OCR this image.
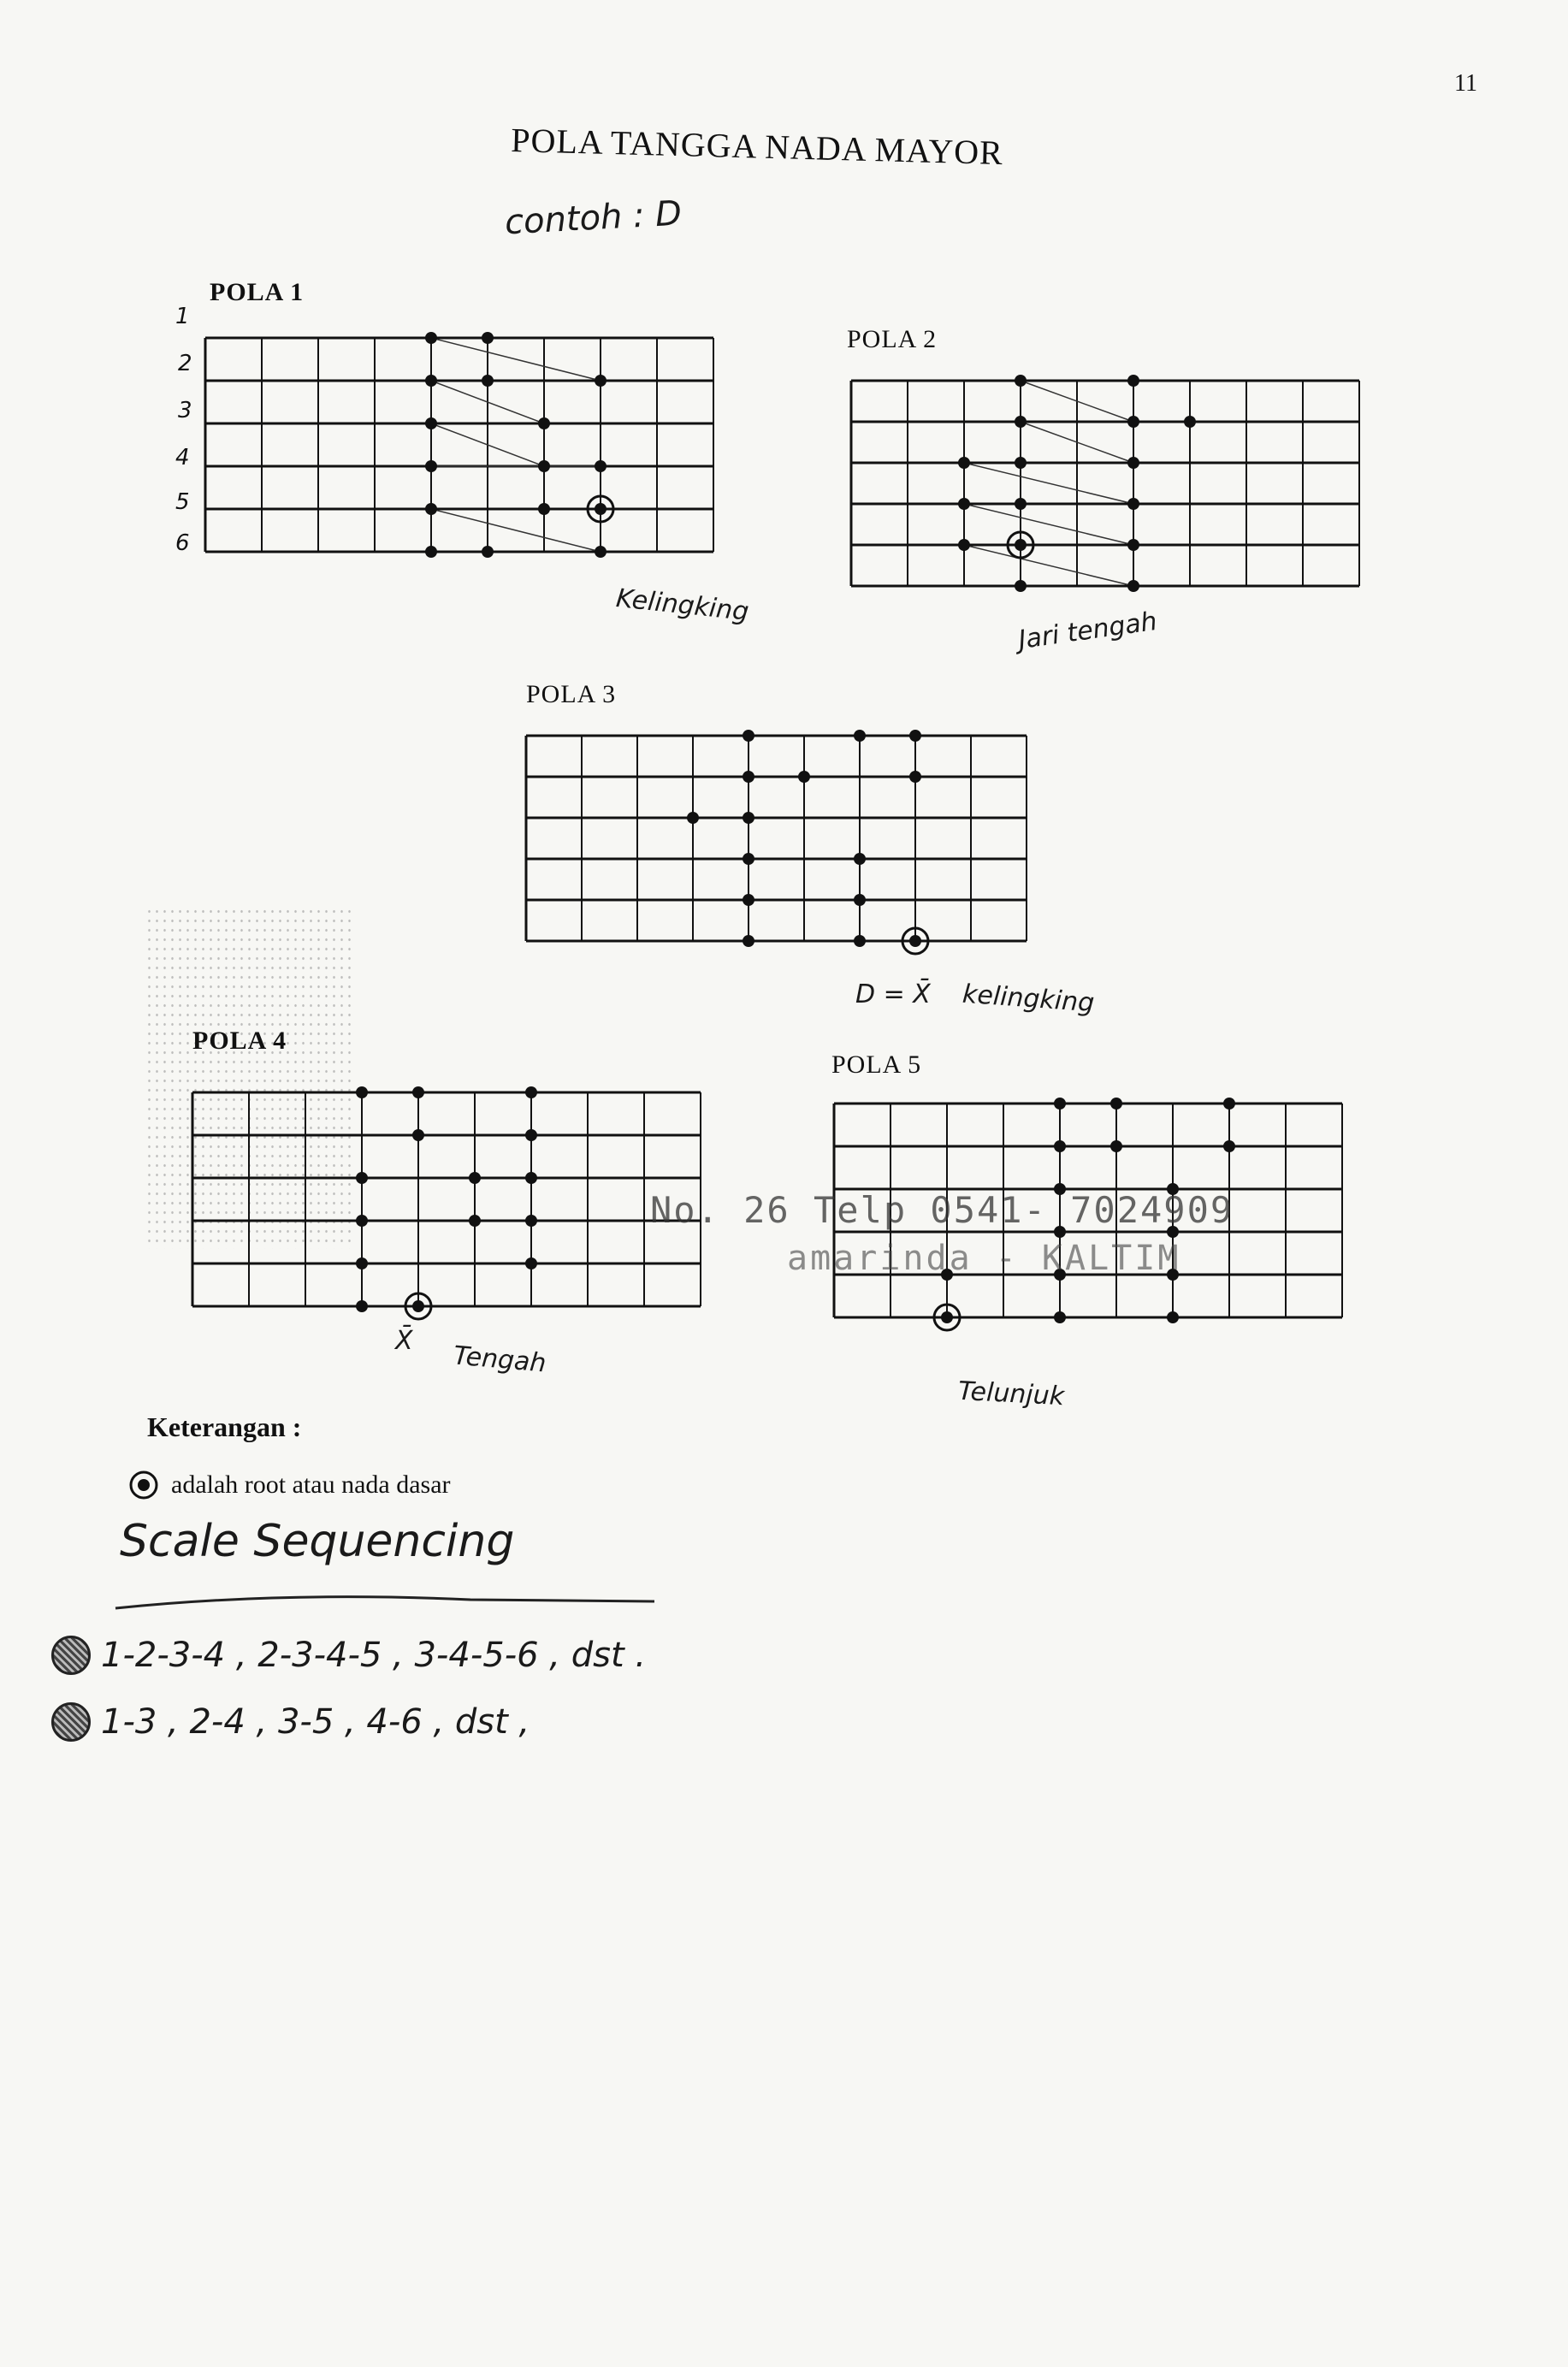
11
POLA TANGGA NADA MAYOR
contoh : D
POLA 1
1
2
3
4
5
6
Kelingking
POLA 2
Jari tengah
POLA 3
D = X̄ kelingking
POLA 4
X̄ Tengah
POLA 5
Telunjuk
No. 26 Telp 0541- 7024909
amarinda - KALTIM
Keterangan :
adalah root atau nada dasar
Scale Sequencing
1-2-3-4 , 2-3-4-5 , 3-4-5-6 , dst .
1-3 , 2-4 , 3-5 , 4-6 , dst ,
